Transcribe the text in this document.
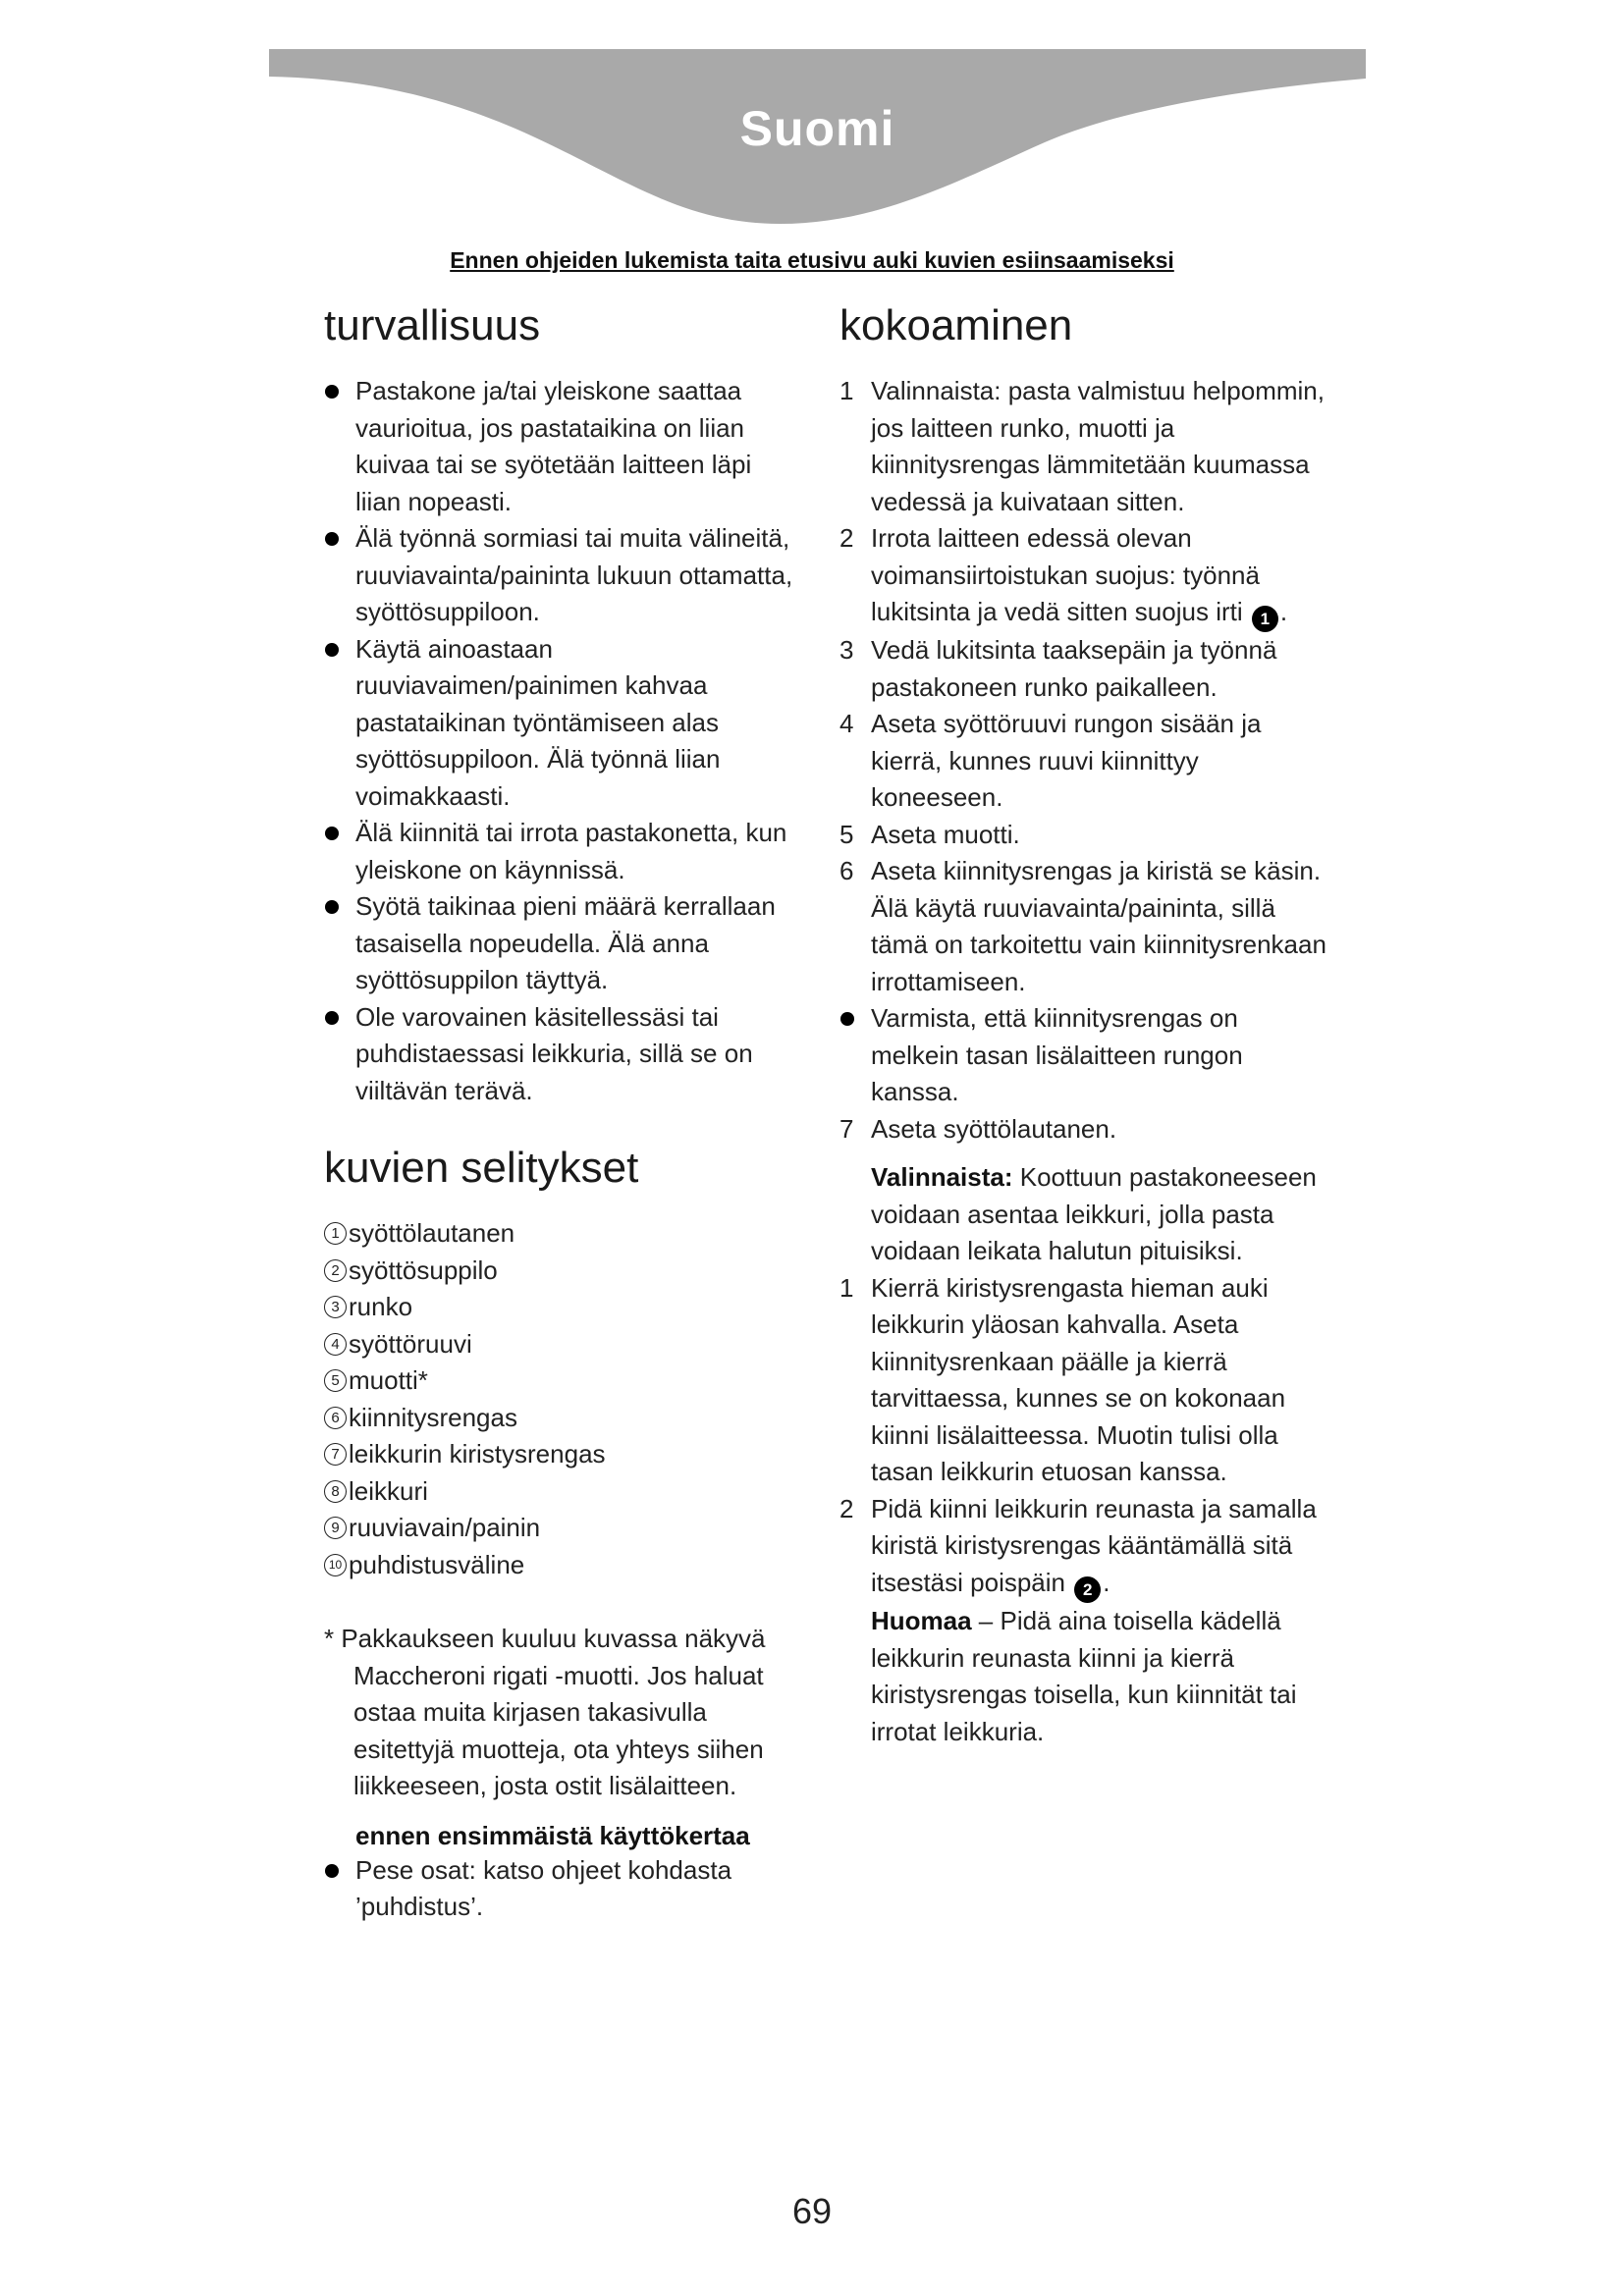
Suomi
Ennen ohjeiden lukemista taita etusivu auki kuvien esiinsaamiseksi
turvallisuus
Pastakone ja/tai yleiskone saattaa vaurioitua, jos pastataikina on liian kuivaa tai se syötetään laitteen läpi liian nopeasti.
Älä työnnä sormiasi tai muita välineitä, ruuviavainta/paininta lukuun ottamatta, syöttösuppiloon.
Käytä ainoastaan ruuviavaimen/painimen kahvaa pastataikinan työntämiseen alas syöttösuppiloon. Älä työnnä liian voimakkaasti.
Älä kiinnitä tai irrota pastakonetta, kun yleiskone on käynnissä.
Syötä taikinaa pieni määrä kerrallaan tasaisella nopeudella. Älä anna syöttösuppilon täyttyä.
Ole varovainen käsitellessäsi tai puhdistaessasi leikkuria, sillä se on viiltävän terävä.
kuvien selitykset
1 syöttölautanen
2 syöttösuppilo
3 runko
4 syöttöruuvi
5 muotti*
6 kiinnitysrengas
7 leikkurin kiristysrengas
8 leikkuri
9 ruuviavain/painin
10 puhdistusväline
* Pakkaukseen kuuluu kuvassa näkyvä Maccheroni rigati -muotti. Jos haluat ostaa muita kirjasen takasivulla esitettyjä muotteja, ota yhteys siihen liikkeeseen, josta ostit lisälaitteen.
ennen ensimmäistä käyttökertaa
Pese osat: katso ohjeet kohdasta ’puhdistus’.
kokoaminen
1 Valinnaista: pasta valmistuu helpommin, jos laitteen runko, muotti ja kiinnitysrengas lämmitetään kuumassa vedessä ja kuivataan sitten.
2 Irrota laitteen edessä olevan voimansiirtoistukan suojus: työnnä lukitsinta ja vedä sitten suojus irti 1 .
3 Vedä lukitsinta taaksepäin ja työnnä pastakoneen runko paikalleen.
4 Aseta syöttöruuvi rungon sisään ja kierrä, kunnes ruuvi kiinnittyy koneeseen.
5 Aseta muotti.
6 Aseta kiinnitysrengas ja kiristä se käsin. Älä käytä ruuviavainta/paininta, sillä tämä on tarkoitettu vain kiinnitysrenkaan irrottamiseen.
Varmista, että kiinnitysrengas on melkein tasan lisälaitteen rungon kanssa.
7 Aseta syöttölautanen.
Valinnaista: Koottuun pastakoneeseen voidaan asentaa leikkuri, jolla pasta voidaan leikata halutun pituisiksi.
1 Kierrä kiristysrengasta hieman auki leikkurin yläosan kahvalla. Aseta kiinnitysrenkaan päälle ja kierrä tarvittaessa, kunnes se on kokonaan kiinni lisälaitteessa. Muotin tulisi olla tasan leikkurin etuosan kanssa.
2 Pidä kiinni leikkurin reunasta ja samalla kiristä kiristysrengas kääntämällä sitä itsestäsi poispäin 2 .
Huomaa – Pidä aina toisella kädellä leikkurin reunasta kiinni ja kierrä kiristysrengas toisella, kun kiinnität tai irrotat leikkuria.
69
